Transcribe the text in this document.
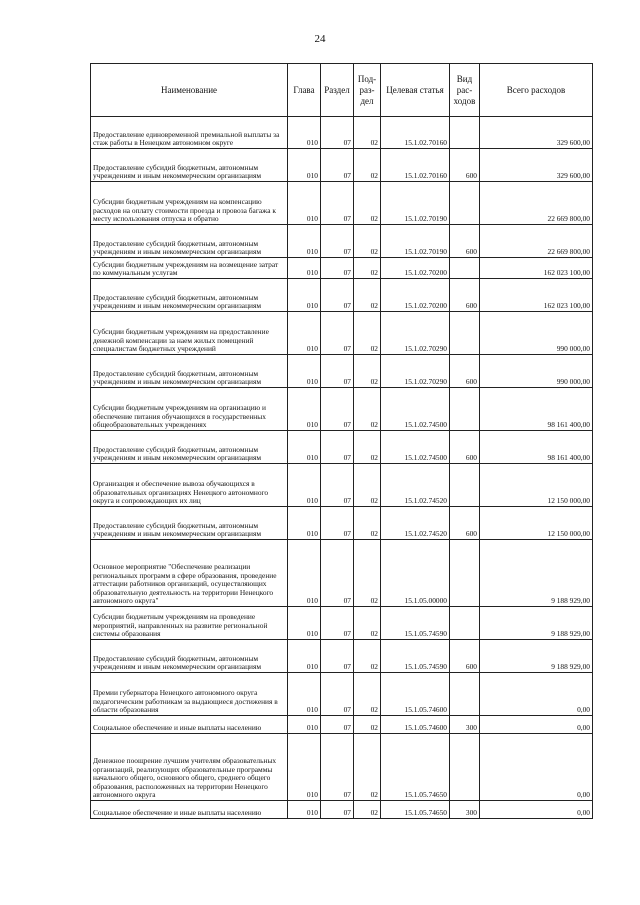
24
Наименование	Глава	Раздел	Под-раз-дел	Целевая статья	Вид рас-ходов	Всего расходов
Предоставление единовременной премиальной выплаты за стаж работы в Ненецком автономном округе	010	07	02	15.1.02.70160		329 600,00
Предоставление субсидий бюджетным, автономным учреждениям и иным некоммерческим организациям	010	07	02	15.1.02.70160	600	329 600,00
Субсидии бюджетным учреждениям на компенсацию расходов на оплату стоимости проезда и провоза багажа к месту использования отпуска и обратно	010	07	02	15.1.02.70190		22 669 800,00
Предоставление субсидий бюджетным, автономным учреждениям и иным некоммерческим организациям	010	07	02	15.1.02.70190	600	22 669 800,00
Субсидии бюджетным учреждениям на возмещение затрат по коммунальным услугам	010	07	02	15.1.02.70200		162 023 100,00
Предоставление субсидий бюджетным, автономным учреждениям и иным некоммерческим организациям	010	07	02	15.1.02.70200	600	162 023 100,00
Субсидии бюджетным учреждениям на предоставление денежной компенсации за наем жилых помещений специалистам бюджетных учреждений	010	07	02	15.1.02.70290		990 000,00
Предоставление субсидий бюджетным, автономным учреждениям и иным некоммерческим организациям	010	07	02	15.1.02.70290	600	990 000,00
Субсидии бюджетным учреждениям на организацию и обеспечение питания обучающихся в государственных общеобразовательных учреждениях	010	07	02	15.1.02.74500		98 161 400,00
Предоставление субсидий бюджетным, автономным учреждениям и иным некоммерческим организациям	010	07	02	15.1.02.74500	600	98 161 400,00
Организация и обеспечение вывоза обучающихся в образовательных организациях Ненецкого автономного округа и сопровождающих их лиц	010	07	02	15.1.02.74520		12 150 000,00
Предоставление субсидий бюджетным, автономным учреждениям и иным некоммерческим организациям	010	07	02	15.1.02.74520	600	12 150 000,00
Основное мероприятие "Обеспечение реализации региональных программ в сфере образования, проведение аттестации работников организаций, осуществляющих образовательную деятельность на территории Ненецкого автономного округа"	010	07	02	15.1.05.00000		9 188 929,00
Субсидии бюджетным учреждениям на проведение мероприятий, направленных на развитие региональной системы образования	010	07	02	15.1.05.74590		9 188 929,00
Предоставление субсидий бюджетным, автономным учреждениям и иным некоммерческим организациям	010	07	02	15.1.05.74590	600	9 188 929,00
Премии губернатора Ненецкого автономного округа педагогическим работникам за выдающиеся достижения в области образования	010	07	02	15.1.05.74600		0,00
Социальное обеспечение и иные выплаты населению	010	07	02	15.1.05.74600	300	0,00
Денежное поощрение лучшим учителям образовательных организаций, реализующих образовательные программы начального общего, основного общего, среднего общего образования, расположенных на территории Ненецкого автономного округа	010	07	02	15.1.05.74650		0,00
Социальное обеспечение и иные выплаты населению	010	07	02	15.1.05.74650	300	0,00
